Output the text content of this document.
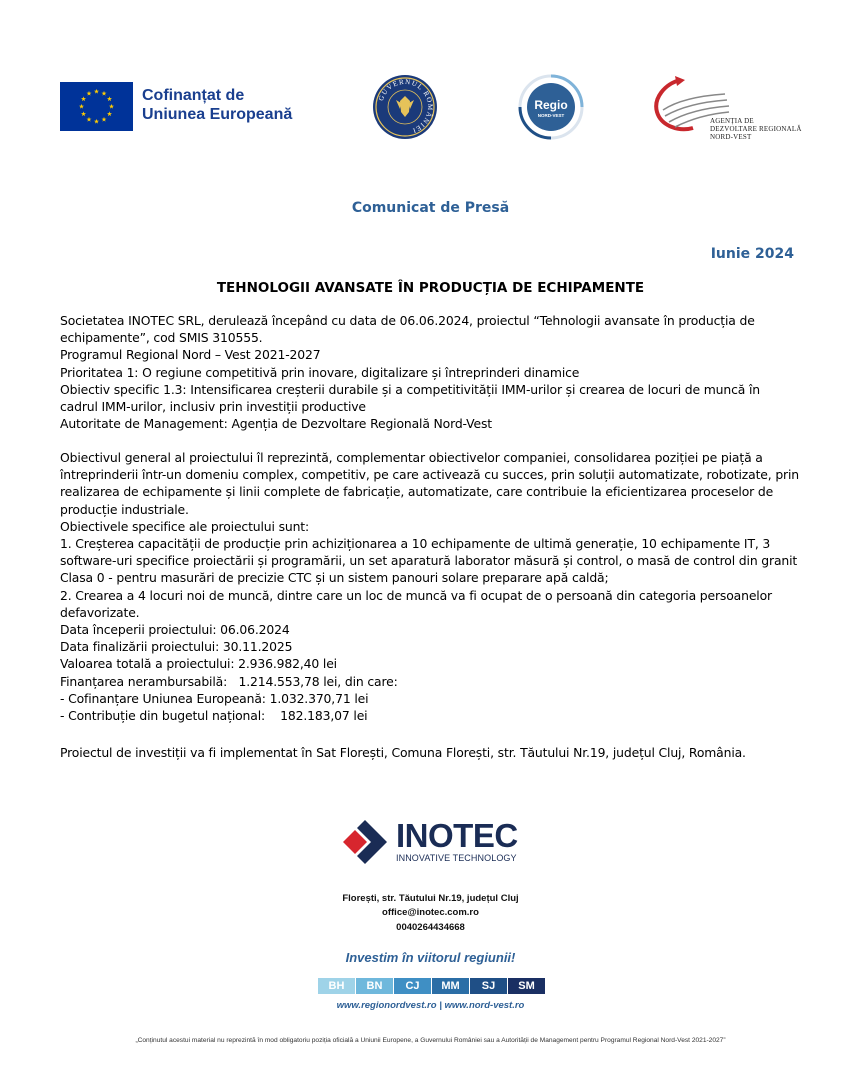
Cofinanțat de
Uniunea Europeană
GUVERNUL ROMÂNIEI
Regio
NORD-VEST
AGENȚIA DE
DEZVOLTARE REGIONALĂ
NORD-VEST
Comunicat de Presă
Iunie 2024
TEHNOLOGII AVANSATE ÎN PRODUCȚIA DE ECHIPAMENTE

Societatea INOTEC SRL, derulează începând cu data de 06.06.2024, proiectul “Tehnologii avansate în producția de echipamente”, cod SMIS 310555.

Programul Regional Nord – Vest 2021-2027

Prioritatea 1: O regiune competitivă prin inovare, digitalizare și întreprinderi dinamice

Obiectiv specific 1.3: Intensificarea creșterii durabile și a competitivității IMM-urilor și crearea de locuri de muncă în cadrul IMM-urilor, inclusiv prin investiții productive

Autoritate de Management: Agenția de Dezvoltare Regională Nord-Vest

Obiectivul general al proiectului îl reprezintă, complementar obiectivelor companiei, consolidarea poziției pe piață a întreprinderii într-un domeniu complex, competitiv, pe care activează cu succes, prin soluții automatizate, robotizate, prin realizarea de echipamente și linii complete de fabricație, automatizate, care contribuie la eficientizarea proceselor de producție industriale.

Obiectivele specifice ale proiectului sunt:

1. Creșterea capacității de producție prin achiziționarea a 10 echipamente de ultimă generație, 10 echipamente IT, 3 software-uri specifice proiectării și programării, un set aparatură laborator măsură și control, o masă de control din granit Clasa 0 - pentru masurări de precizie CTC și un sistem panouri solare preparare apă caldă;

2. Crearea a 4 locuri noi de muncă, dintre care un loc de muncă va fi ocupat de o persoană din categoria persoanelor defavorizate.

Data începerii proiectului: 06.06.2024

Data finalizării proiectului: 30.11.2025

Valoarea totală a proiectului: 2.936.982,40 lei

Finanțarea nerambursabilă:   1.214.553,78 lei, din care:

- Cofinanțare Uniunea Europeană: 1.032.370,71 lei

- Contribuție din bugetul național:    182.183,07 lei

Proiectul de investiții va fi implementat în Sat Florești, Comuna Florești, str. Tăutului Nr.19, județul Cluj, România.
INOTEC
INNOVATIVE TECHNOLOGY
Florești, str. Tăutului Nr.19, județul Cluj
office@inotec.com.ro
0040264434668
Investim în viitorul regiunii!
BH	BN	CJ	MM	SJ	SM
www.regionordvest.ro | www.nord-vest.ro
„Conținutul acestui material nu reprezintă în mod obligatoriu poziția oficială a Uniunii Europene, a Guvernului României sau a Autorității de Management pentru Programul Regional Nord-Vest 2021-2027”
